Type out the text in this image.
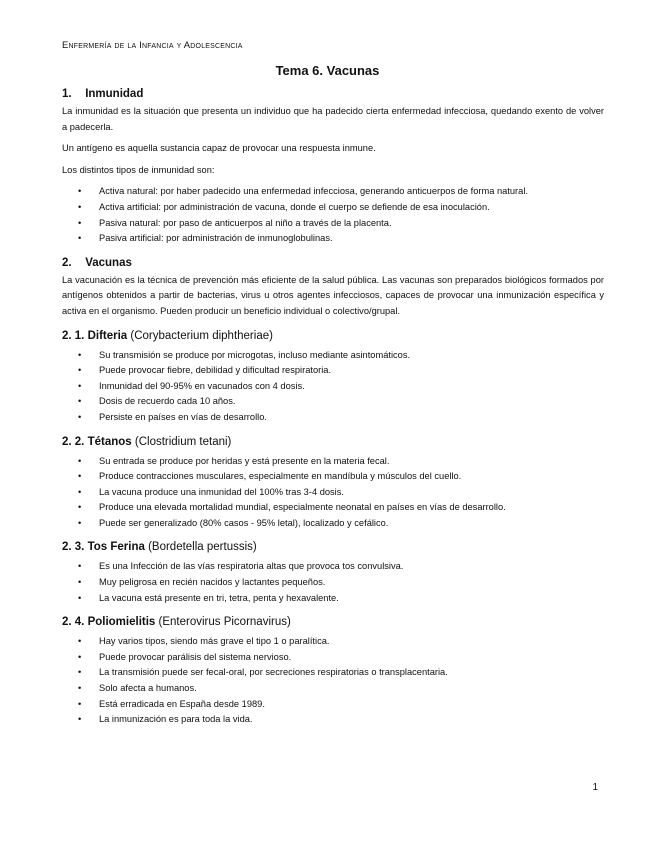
Enfermería de la Infancia y Adolescencia
Tema 6. Vacunas
1. Inmunidad

La inmunidad es la situación que presenta un individuo que ha padecido cierta enfermedad infecciosa, quedando exento de volver a padecerla.

Un antígeno es aquella sustancia capaz de provocar una respuesta inmune.

Los distintos tipos de inmunidad son:

• Activa natural: por haber padecido una enfermedad infecciosa, generando anticuerpos de forma natural.
• Activa artificial: por administración de vacuna, donde el cuerpo se defiende de esa inoculación.
• Pasiva natural: por paso de anticuerpos al niño a través de la placenta.
• Pasiva artificial: por administración de inmunoglobulinas.
2. Vacunas

La vacunación es la técnica de prevención más eficiente de la salud pública. Las vacunas son preparados biológicos formados por antígenos obtenidos a partir de bacterias, virus u otros agentes infecciosos, capaces de provocar una inmunización específica y activa en el organismo. Pueden producir un beneficio individual o colectivo/grupal.

2. 1. Difteria (Corybacterium diphtheriae)
• Su transmisión se produce por microgotas, incluso mediante asintomáticos.
• Puede provocar fiebre, debilidad y dificultad respiratoria.
• Inmunidad del 90-95% en vacunados con 4 dosis.
• Dosis de recuerdo cada 10 años.
• Persiste en países en vías de desarrollo.
2. 2. Tétanos (Clostridium tetani)
• Su entrada se produce por heridas y está presente en la materia fecal.
• Produce contracciones musculares, especialmente en mandíbula y músculos del cuello.
• La vacuna produce una inmunidad del 100% tras 3-4 dosis.
• Produce una elevada mortalidad mundial, especialmente neonatal en países en vías de desarrollo.
• Puede ser generalizado (80% casos - 95% letal), localizado y cefálico.
2. 3. Tos Ferina (Bordetella pertussis)
• Es una Infección de las vías respiratoria altas que provoca tos convulsiva.
• Muy peligrosa en recién nacidos y lactantes pequeños.
• La vacuna está presente en tri, tetra, penta y hexavalente.
2. 4. Poliomielitis (Enterovirus Picornavirus)
• Hay varios tipos, siendo más grave el tipo 1 o paralítica.
• Puede provocar parálisis del sistema nervioso.
• La transmisión puede ser fecal-oral, por secreciones respiratorias o transplacentaria.
• Solo afecta a humanos.
• Está erradicada en España desde 1989.
• La inmunización es para toda la vida.
1
